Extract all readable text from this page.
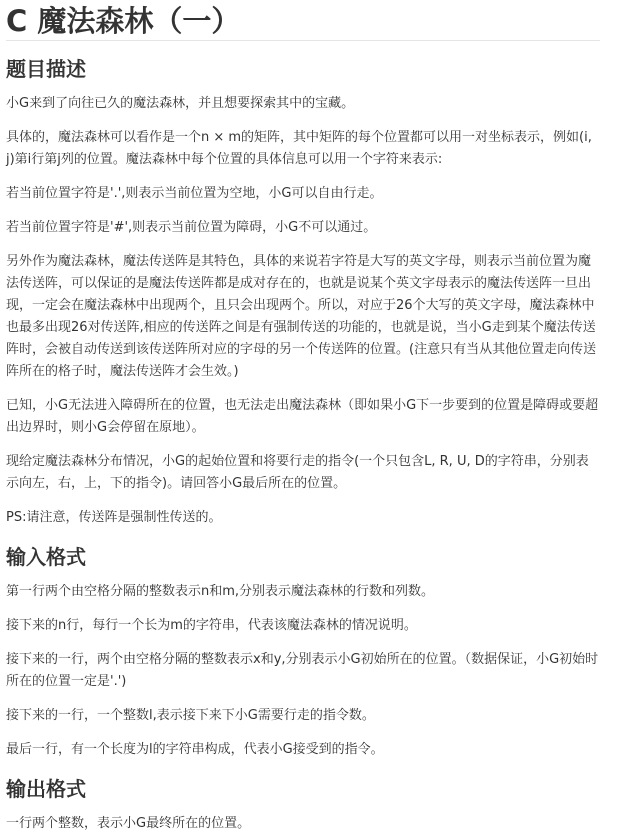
C 魔法森林（一）
题目描述

小G来到了向往已久的魔法森林，并且想要探索其中的宝藏。

具体的，魔法森林可以看作是一个n × m的矩阵，其中矩阵的每个位置都可以用一对坐标表示，例如(i, j)第i行第j列的位置。魔法森林中每个位置的具体信息可以用一个字符来表示:

若当前位置字符是'.',则表示当前位置为空地，小G可以自由行走。

若当前位置字符是'#',则表示当前位置为障碍，小G不可以通过。

另外作为魔法森林，魔法传送阵是其特色，具体的来说若字符是大写的英文字母，则表示当前位置为魔法传送阵，可以保证的是魔法传送阵都是成对存在的，也就是说某个英文字母表示的魔法传送阵一旦出现，一定会在魔法森林中出现两个，且只会出现两个。所以，对应于26个大写的英文字母，魔法森林中也最多出现26对传送阵,相应的传送阵之间是有强制传送的功能的，也就是说，当小G走到某个魔法传送阵时，会被自动传送到该传送阵所对应的字母的另一个传送阵的位置。(注意只有当从其他位置走向传送阵所在的格子时，魔法传送阵才会生效。)

已知，小G无法进入障碍所在的位置，也无法走出魔法森林（即如果小G下一步要到的位置是障碍或要超出边界时，则小G会停留在原地）。

现给定魔法森林分布情况，小G的起始位置和将要行走的指令(一个只包含L, R, U, D的字符串，分别表示向左，右，上，下的指令)。请回答小G最后所在的位置。

PS:请注意，传送阵是强制性传送的。

输入格式

第一行两个由空格分隔的整数表示n和m,分别表示魔法森林的行数和列数。

接下来的n行，每行一个长为m的字符串，代表该魔法森林的情况说明。

接下来的一行，两个由空格分隔的整数表示x和y,分别表示小G初始所在的位置。（数据保证，小G初始时所在的位置一定是'.')

接下来的一行，一个整数l,表示接下来下小G需要行走的指令数。

最后一行，有一个长度为l的字符串构成，代表小G接受到的指令。

输出格式

一行两个整数，表示小G最终所在的位置。
